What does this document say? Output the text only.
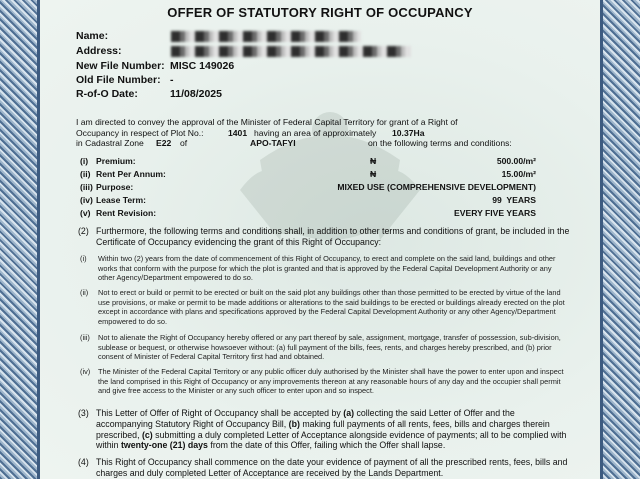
OFFER OF STATUTORY RIGHT OF OCCUPANCY
Name:
Address:
New File Number: MISC 149026
Old File Number: -
R-of-O Date:	11/08/2025
I am directed to convey the approval of the Minister of Federal Capital Territory for grant of a Right of
Occupancy in respect of Plot No.:	1401 having an area of approximately 10.37Ha
in Cadastral Zone E22 of	APO-TAFYI	on the following terms and conditions:
(i) Premium:	₦	500.00/m²
(ii) Rent Per Annum:	₦	15.00/m²
(iii) Purpose:	MIXED USE (COMPREHENSIVE DEVELOPMENT)
(iv) Lease Term:	99  YEARS
(v) Rent Revision:	EVERY FIVE YEARS
(2) Furthermore, the following terms and conditions shall, in addition to other terms and conditions of grant, be included in the Certificate of Occupancy evidencing the grant of this Right of Occupancy:
(i) Within two (2) years from the date of commencement of this Right of Occupancy, to erect and complete on the said land, buildings and other works that conform with the purpose for which the plot is granted and that is approved by the Federal Capital Development Authority or any other Agency/Department empowered to do so.
(ii) Not to erect or build or permit to be erected or built on the said plot any buildings other than those permitted to be erected by virtue of the land use provisions, or make or permit to be made additions or alterations to the said buildings to be erected or buildings already erected on the plot except in accordance with plans and specifications approved by the Federal Capital Development Authority or any other Agency/Department empowered to do so.
(iii) Not to alienate the Right of Occupancy hereby offered or any part thereof by sale, assignment, mortgage, transfer of possession, sub-division, sublease or bequest, or otherwise howsoever without: (a) full payment of the bills, fees, rents, and charges hereby prescribed, and (b) prior consent of Minister of Federal Capital Territory first had and obtained.
(iv) The Minister of the Federal Capital Territory or any public officer duly authorised by the Minister shall have the power to enter upon and inspect the land comprised in this Right of Occupancy or any improvements thereon at any reasonable hours of any day and the occupier shall permit and give free access to the Minister or any such officer to enter upon and so inspect.
(3) This Letter of Offer of Right of Occupancy shall be accepted by (a) collecting the said Letter of Offer and the accompanying Statutory Right of Occupancy Bill, (b) making full payments of all rents, fees, bills and charges therein prescribed, (c) submitting a duly completed Letter of Acceptance alongside evidence of payments; all to be complied with within twenty-one (21) days from the date of this Offer, failing which the Offer shall lapse.
(4) This Right of Occupancy shall commence on the date your evidence of payment of all the prescribed rents, fees, bills and charges and duly completed Letter of Acceptance are received by the Lands Department.
